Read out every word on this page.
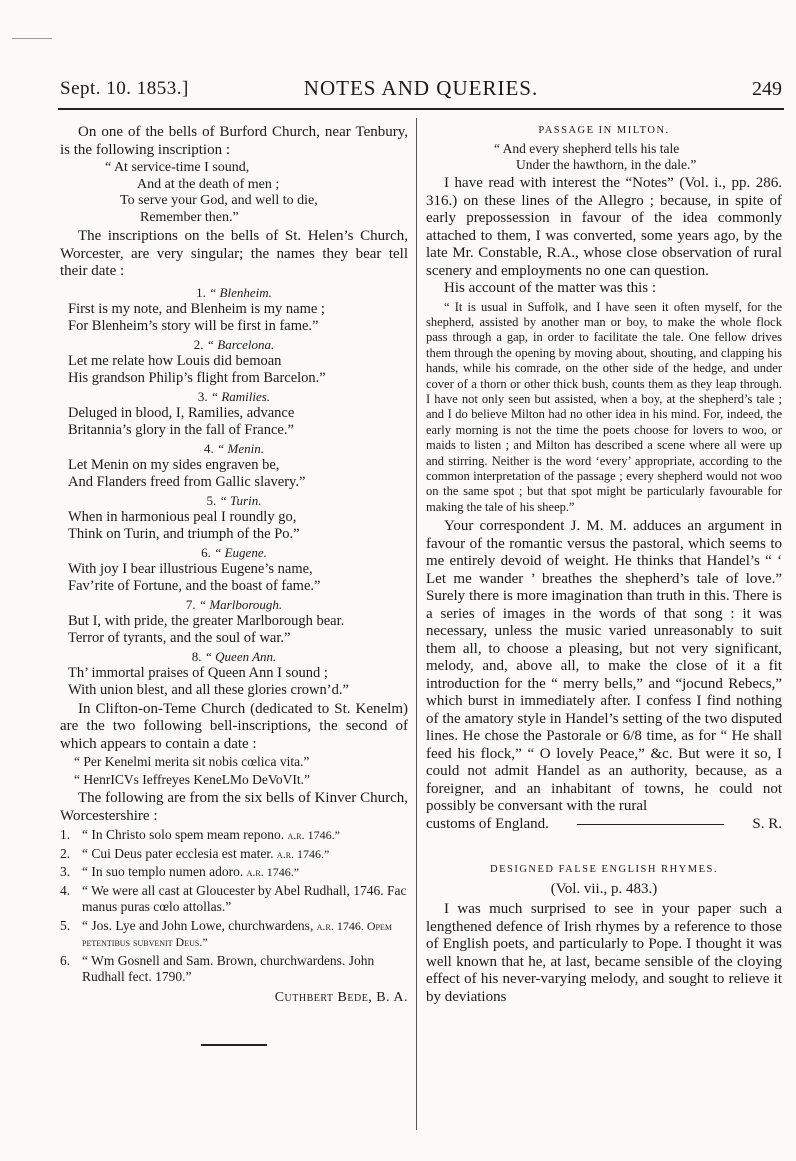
Sept. 10. 1853.]	NOTES AND QUERIES.	249

On one of the bells of Burford Church, near Tenbury, is the following inscription :

“ At service-time I sound,
And at the death of men ;
To serve your God, and well to die,
Remember then.”

The inscriptions on the bells of St. Helen’s Church, Worcester, are very singular; the names they bear tell their date :

1. “ Blenheim.
First is my note, and Blenheim is my name ;
For Blenheim’s story will be first in fame.”
2. “ Barcelona.
Let me relate how Louis did bemoan
His grandson Philip’s flight from Barcelon.”
3. “ Ramilies.
Deluged in blood, I, Ramilies, advance
Britannia’s glory in the fall of France.”
4. “ Menin.
Let Menin on my sides engraven be,
And Flanders freed from Gallic slavery.”
5. “ Turin.
When in harmonious peal I roundly go,
Think on Turin, and triumph of the Po.”
6. “ Eugene.
With joy I bear illustrious Eugene’s name,
Fav’rite of Fortune, and the boast of fame.”
7. “ Marlborough.
But I, with pride, the greater Marlborough bear.
Terror of tyrants, and the soul of war.”
8. “ Queen Ann.
Th’ immortal praises of Queen Ann I sound ;
With union blest, and all these glories crown’d.”

In Clifton-on-Teme Church (dedicated to St. Kenelm) are the two following bell-inscriptions, the second of which appears to contain a date :

“ Per Kenelmi merita sit nobis cœlica vita.”
“ HenrICVs Ieffreyes KeneLMo DeVoVIt.”

The following are from the six bells of Kinver Church, Worcestershire :

1. “ In Christo solo spem meam repono. a.r. 1746.”
2. “ Cui Deus pater ecclesia est mater. a.r. 1746.”
3. “ In suo templo numen adoro. a.r. 1746.”
4. “ We were all cast at Gloucester by Abel Rudhall, 1746. Fac manus puras cœlo attollas.”
5. “ Jos. Lye and John Lowe, churchwardens, a.r. 1746. Opem petentibus subvenit Deus.”
6. “ Wm Gosnell and Sam. Brown, churchwardens. John Rudhall fect. 1790.”
Cuthbert Bede, B. A.
PASSAGE IN MILTON.
“ And every shepherd tells his tale
Under the hawthorn, in the dale.”

I have read with interest the “Notes” (Vol. i., pp. 286. 316.) on these lines of the Allegro ; because, in spite of early prepossession in favour of the idea commonly attached to them, I was converted, some years ago, by the late Mr. Constable, R.A., whose close observation of rural scenery and employments no one can question.

His account of the matter was this :

“ It is usual in Suffolk, and I have seen it often myself, for the shepherd, assisted by another man or boy, to make the whole flock pass through a gap, in order to facilitate the tale. One fellow drives them through the opening by moving about, shouting, and clapping his hands, while his comrade, on the other side of the hedge, and under cover of a thorn or other thick bush, counts them as they leap through. I have not only seen but assisted, when a boy, at the shepherd’s tale ; and I do believe Milton had no other idea in his mind. For, indeed, the early morning is not the time the poets choose for lovers to woo, or maids to listen ; and Milton has described a scene where all were up and stirring. Neither is the word ‘every’ appropriate, according to the common interpretation of the passage ; every shepherd would not woo on the same spot ; but that spot might be particularly favourable for making the tale of his sheep.”

Your correspondent J. M. M. adduces an argument in favour of the romantic versus the pastoral, which seems to me entirely devoid of weight. He thinks that Handel’s “ ‘ Let me wander ’ breathes the shepherd’s tale of love.” Surely there is more imagination than truth in this. There is a series of images in the words of that song : it was necessary, unless the music varied unreasonably to suit them all, to choose a pleasing, but not very significant, melody, and, above all, to make the close of it a fit introduction for the “ merry bells,” and “jocund Rebecs,” which burst in immediately after. I confess I find nothing of the amatory style in Handel’s setting of the two disputed lines. He chose the Pastorale or 6/8 time, as for “ He shall feed his flock,” “ O lovely Peace,” &c. But were it so, I could not admit Handel as an authority, because, as a foreigner, and an inhabitant of towns, he could not possibly be conversant with the rural

customs of England.	S. R.
DESIGNED FALSE ENGLISH RHYMES.
(Vol. vii., p. 483.)

I was much surprised to see in your paper such a lengthened defence of Irish rhymes by a reference to those of English poets, and particularly to Pope. I thought it was well known that he, at last, became sensible of the cloying effect of his never-varying melody, and sought to relieve it by deviations
